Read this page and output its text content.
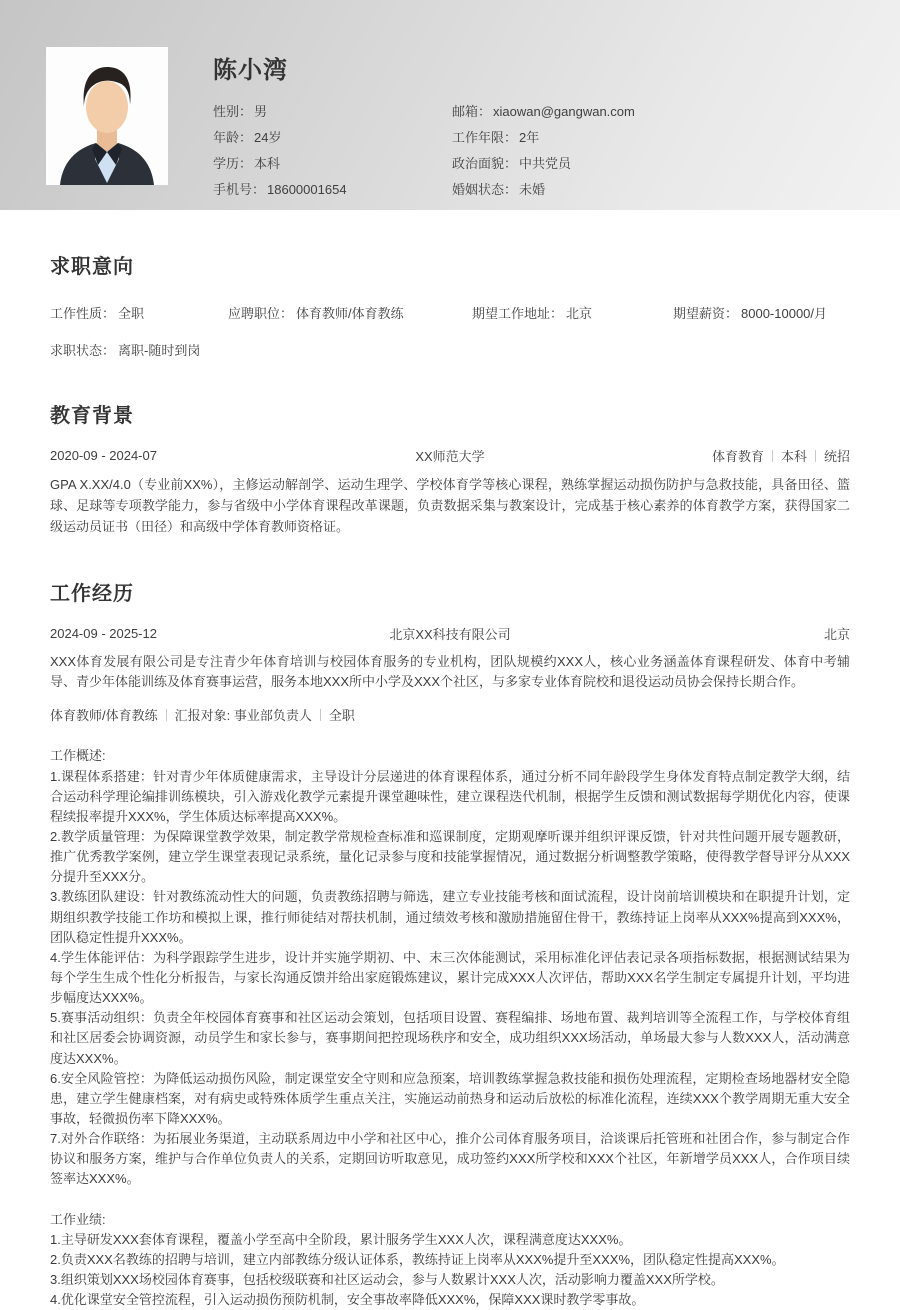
陈小湾
性别： 男
年龄： 24岁
学历： 本科
手机号： 18600001654
邮箱： xiaowan@gangwan.com
工作年限： 2年
政治面貌： 中共党员
婚姻状态： 未婚
求职意向
工作性质： 全职	应聘职位： 体育教师/体育教练	期望工作地址： 北京	期望薪资： 8000-10000/月
求职状态： 离职-随时到岗
教育背景
2020-09 - 2024-07	XX师范大学	体育教育 本科 统招
GPA X.XX/4.0（专业前XX%），主修运动解剖学、运动生理学、学校体育学等核心课程，熟练掌握运动损伤防护与急救技能，具备田径、篮球、足球等专项教学能力，参与省级中小学体育课程改革课题，负责数据采集与教案设计，完成基于核心素养的体育教学方案，获得国家二级运动员证书（田径）和高级中学体育教师资格证。
工作经历
2024-09 - 2025-12	北京XX科技有限公司	北京
XXX体育发展有限公司是专注青少年体育培训与校园体育服务的专业机构，团队规模约XXX人，核心业务涵盖体育课程研发、体育中考辅导、青少年体能训练及体育赛事运营，服务本地XXX所中小学及XXX个社区，与多家专业体育院校和退役运动员协会保持长期合作。
体育教师/体育教练 汇报对象: 事业部负责人 全职
工作概述:
1.课程体系搭建：针对青少年体质健康需求，主导设计分层递进的体育课程体系，通过分析不同年龄段学生身体发育特点制定教学大纲，结合运动科学理论编排训练模块，引入游戏化教学元素提升课堂趣味性，建立课程迭代机制，根据学生反馈和测试数据每学期优化内容，使课程续报率提升XXX%，学生体质达标率提高XXX%。
2.教学质量管理：为保障课堂教学效果，制定教学常规检查标准和巡课制度，定期观摩听课并组织评课反馈，针对共性问题开展专题教研，推广优秀教学案例，建立学生课堂表现记录系统，量化记录参与度和技能掌握情况，通过数据分析调整教学策略，使得教学督导评分从XXX分提升至XXX分。
3.教练团队建设：针对教练流动性大的问题，负责教练招聘与筛选，建立专业技能考核和面试流程，设计岗前培训模块和在职提升计划，定期组织教学技能工作坊和模拟上课，推行师徒结对帮扶机制，通过绩效考核和激励措施留住骨干，教练持证上岗率从XXX%提高到XXX%，团队稳定性提升XXX%。
4.学生体能评估：为科学跟踪学生进步，设计并实施学期初、中、末三次体能测试，采用标准化评估表记录各项指标数据，根据测试结果为每个学生生成个性化分析报告，与家长沟通反馈并给出家庭锻炼建议，累计完成XXX人次评估，帮助XXX名学生制定专属提升计划，平均进步幅度达XXX%。
5.赛事活动组织：负责全年校园体育赛事和社区运动会策划，包括项目设置、赛程编排、场地布置、裁判培训等全流程工作，与学校体育组和社区居委会协调资源，动员学生和家长参与，赛事期间把控现场秩序和安全，成功组织XXX场活动，单场最大参与人数XXX人，活动满意度达XXX%。
6.安全风险管控：为降低运动损伤风险，制定课堂安全守则和应急预案，培训教练掌握急救技能和损伤处理流程，定期检查场地器材安全隐患，建立学生健康档案，对有病史或特殊体质学生重点关注，实施运动前热身和运动后放松的标准化流程，连续XXX个教学周期无重大安全事故，轻微损伤率下降XXX%。
7.对外合作联络：为拓展业务渠道，主动联系周边中小学和社区中心，推介公司体育服务项目，洽谈课后托管班和社团合作，参与制定合作协议和服务方案，维护与合作单位负责人的关系，定期回访听取意见，成功签约XXX所学校和XXX个社区，年新增学员XXX人，合作项目续签率达XXX%。
工作业绩:
1.主导研发XXX套体育课程，覆盖小学至高中全阶段，累计服务学生XXX人次，课程满意度达XXX%。
2.负责XXX名教练的招聘与培训，建立内部教练分级认证体系，教练持证上岗率从XXX%提升至XXX%，团队稳定性提高XXX%。
3.组织策划XXX场校园体育赛事，包括校级联赛和社区运动会，参与人数累计XXX人次，活动影响力覆盖XXX所学校。
4.优化课堂安全管控流程，引入运动损伤预防机制，安全事故率降低XXX%，保障XXX课时教学零事故。
